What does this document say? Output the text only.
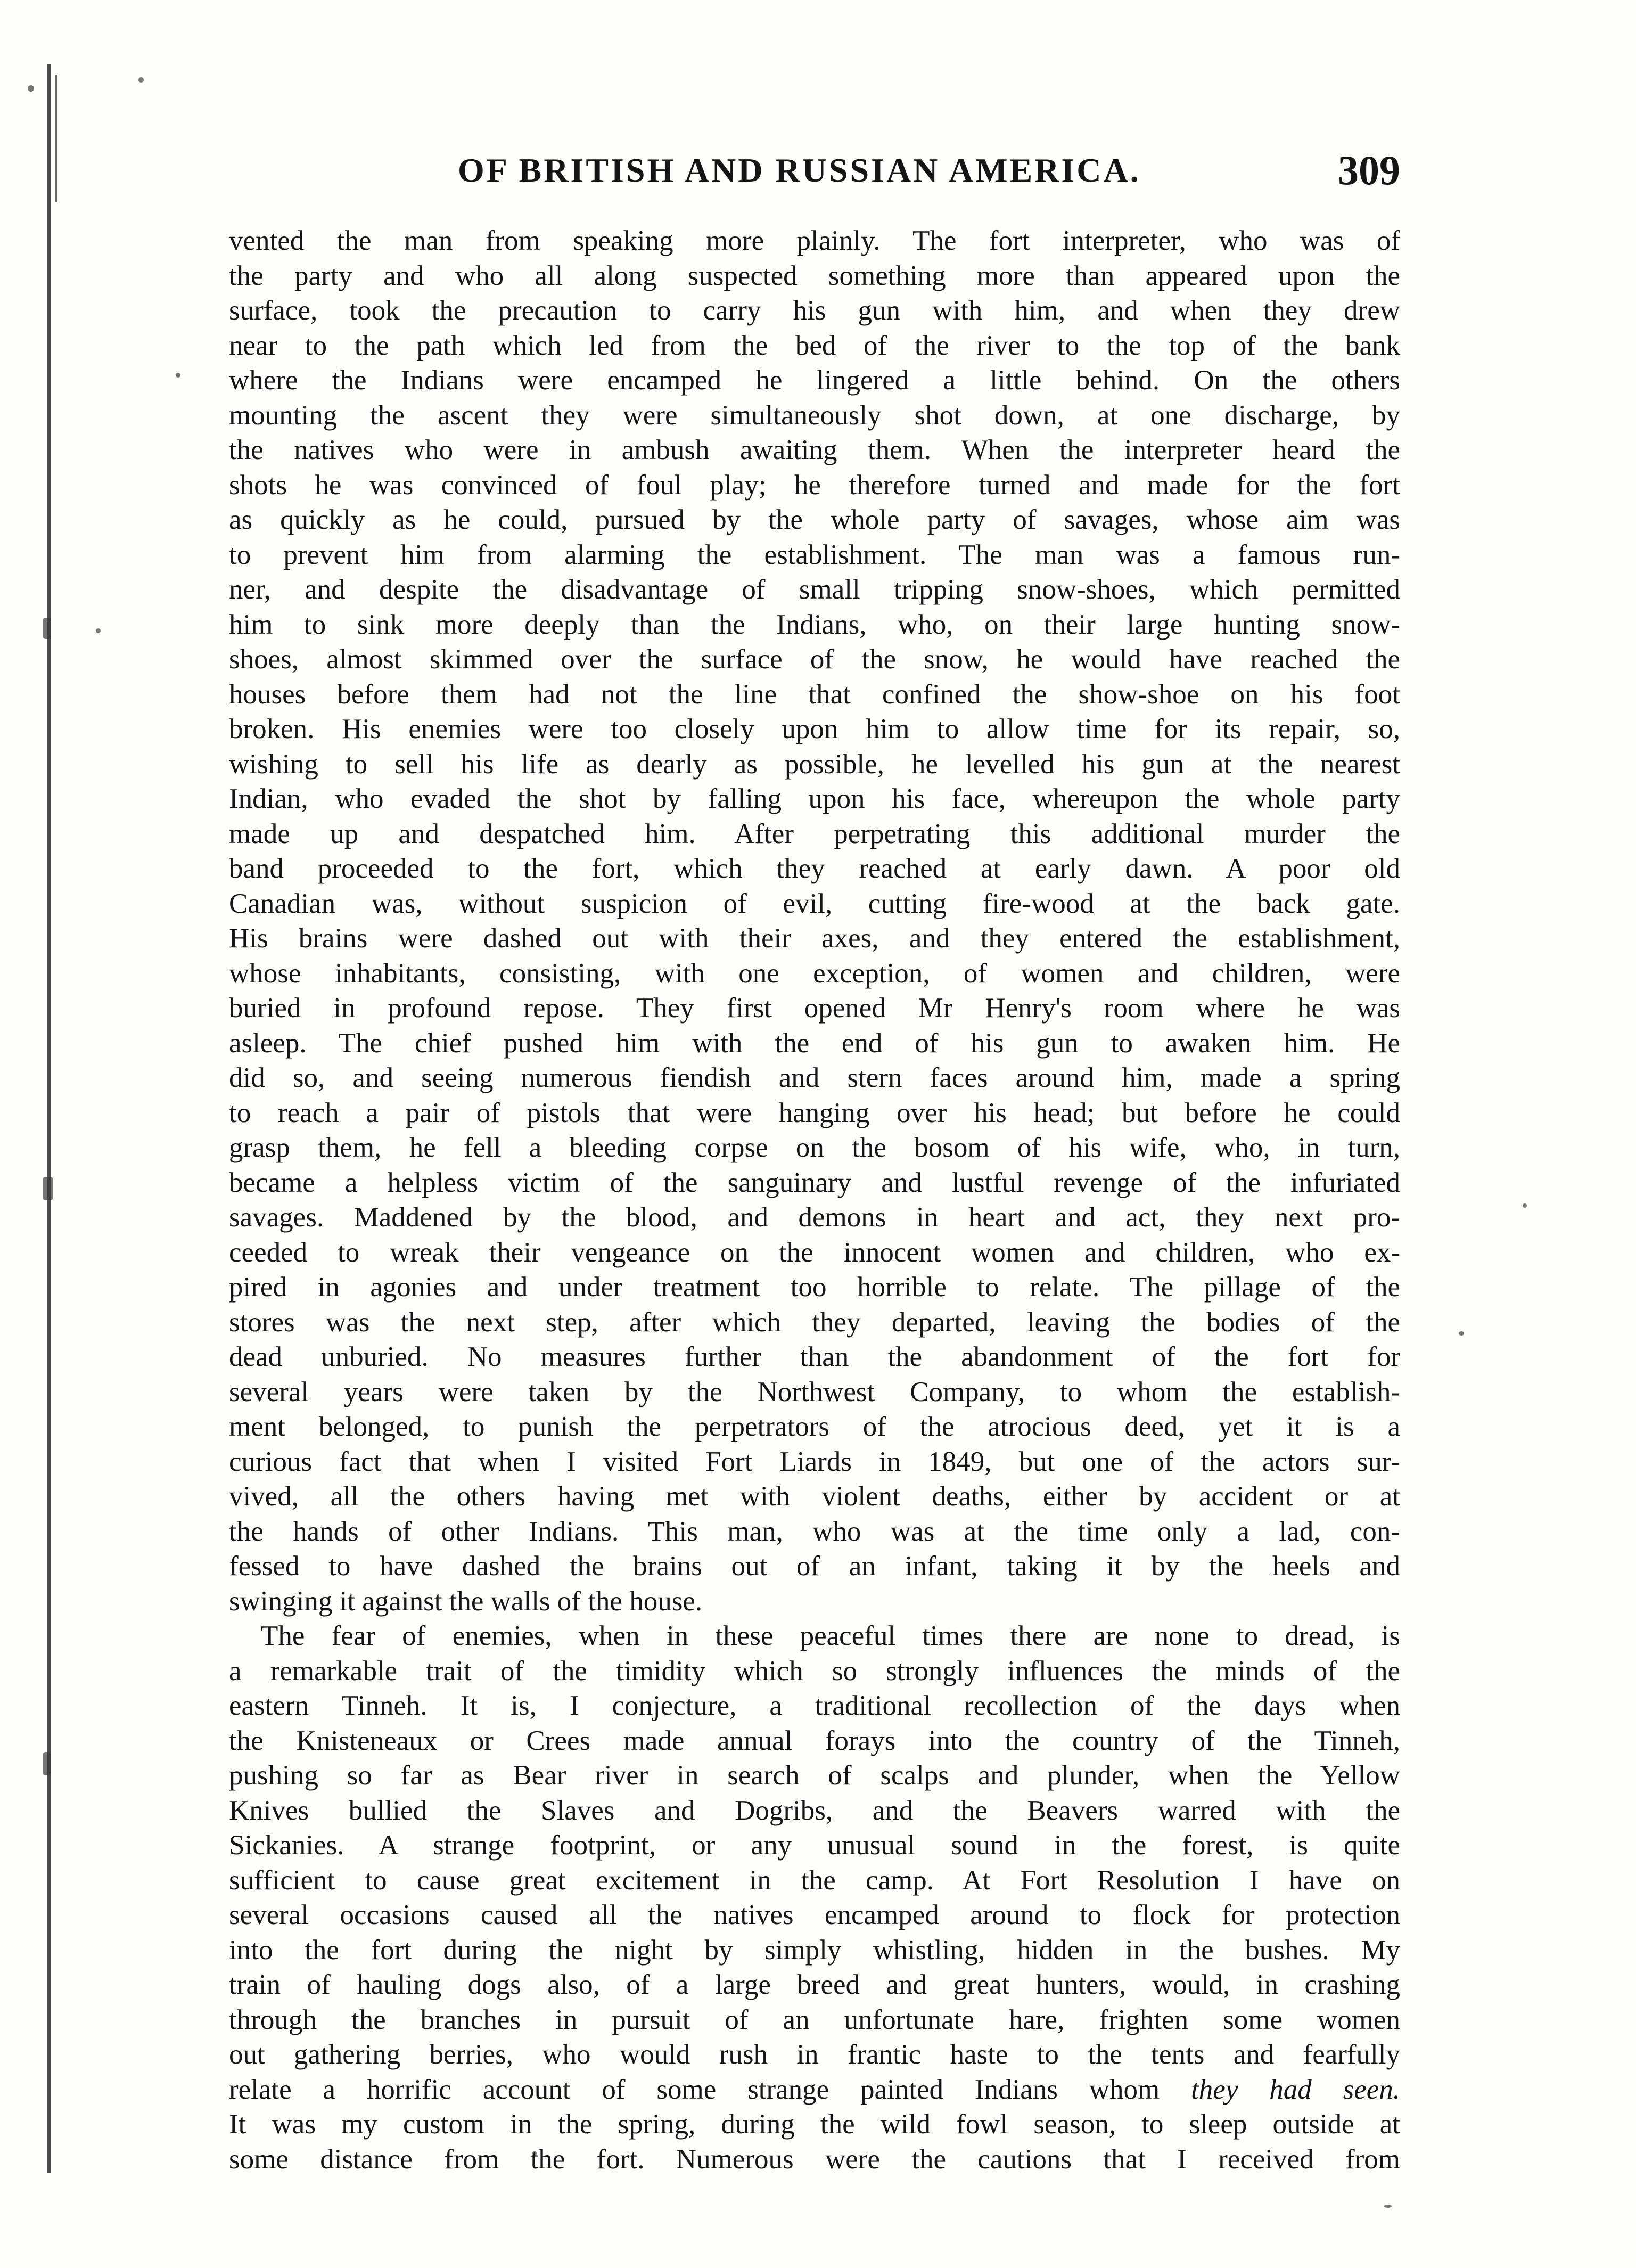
OF BRITISH AND RUSSIAN AMERICA.	309
vented the man from speaking more plainly. The fort interpreter, who was of
the party and who all along suspected something more than appeared upon the
surface, took the precaution to carry his gun with him, and when they drew
near to the path which led from the bed of the river to the top of the bank
where the Indians were encamped he lingered a little behind. On the others
mounting the ascent they were simultaneously shot down, at one discharge, by
the natives who were in ambush awaiting them. When the interpreter heard the
shots he was convinced of foul play; he therefore turned and made for the fort
as quickly as he could, pursued by the whole party of savages, whose aim was
to prevent him from alarming the establishment. The man was a famous run-
ner, and despite the disadvantage of small tripping snow-shoes, which permitted
him to sink more deeply than the Indians, who, on their large hunting snow-
shoes, almost skimmed over the surface of the snow, he would have reached the
houses before them had not the line that confined the show-shoe on his foot
broken. His enemies were too closely upon him to allow time for its repair, so,
wishing to sell his life as dearly as possible, he levelled his gun at the nearest
Indian, who evaded the shot by falling upon his face, whereupon the whole party
made up and despatched him. After perpetrating this additional murder the
band proceeded to the fort, which they reached at early dawn. A poor old
Canadian was, without suspicion of evil, cutting fire-wood at the back gate.
His brains were dashed out with their axes, and they entered the establishment,
whose inhabitants, consisting, with one exception, of women and children, were
buried in profound repose. They first opened Mr Henry's room where he was
asleep. The chief pushed him with the end of his gun to awaken him. He
did so, and seeing numerous fiendish and stern faces around him, made a spring
to reach a pair of pistols that were hanging over his head; but before he could
grasp them, he fell a bleeding corpse on the bosom of his wife, who, in turn,
became a helpless victim of the sanguinary and lustful revenge of the infuriated
savages. Maddened by the blood, and demons in heart and act, they next pro-
ceeded to wreak their vengeance on the innocent women and children, who ex-
pired in agonies and under treatment too horrible to relate. The pillage of the
stores was the next step, after which they departed, leaving the bodies of the
dead unburied. No measures further than the abandonment of the fort for
several years were taken by the Northwest Company, to whom the establish-
ment belonged, to punish the perpetrators of the atrocious deed, yet it is a
curious fact that when I visited Fort Liards in 1849, but one of the actors sur-
vived, all the others having met with violent deaths, either by accident or at
the hands of other Indians. This man, who was at the time only a lad, con-
fessed to have dashed the brains out of an infant, taking it by the heels and
swinging it against the walls of the house.
The fear of enemies, when in these peaceful times there are none to dread, is
a remarkable trait of the timidity which so strongly influences the minds of the
eastern Tinneh. It is, I conjecture, a traditional recollection of the days when
the Knisteneaux or Crees made annual forays into the country of the Tinneh,
pushing so far as Bear river in search of scalps and plunder, when the Yellow
Knives bullied the Slaves and Dogribs, and the Beavers warred with the
Sickanies. A strange footprint, or any unusual sound in the forest, is quite
sufficient to cause great excitement in the camp. At Fort Resolution I have on
several occasions caused all the natives encamped around to flock for protection
into the fort during the night by simply whistling, hidden in the bushes. My
train of hauling dogs also, of a large breed and great hunters, would, in crashing
through the branches in pursuit of an unfortunate hare, frighten some women
out gathering berries, who would rush in frantic haste to the tents and fearfully
relate a horrific account of some strange painted Indians whom they had seen.
It was my custom in the spring, during the wild fowl season, to sleep outside at
some distance from the fort. Numerous were the cautions that I received from
